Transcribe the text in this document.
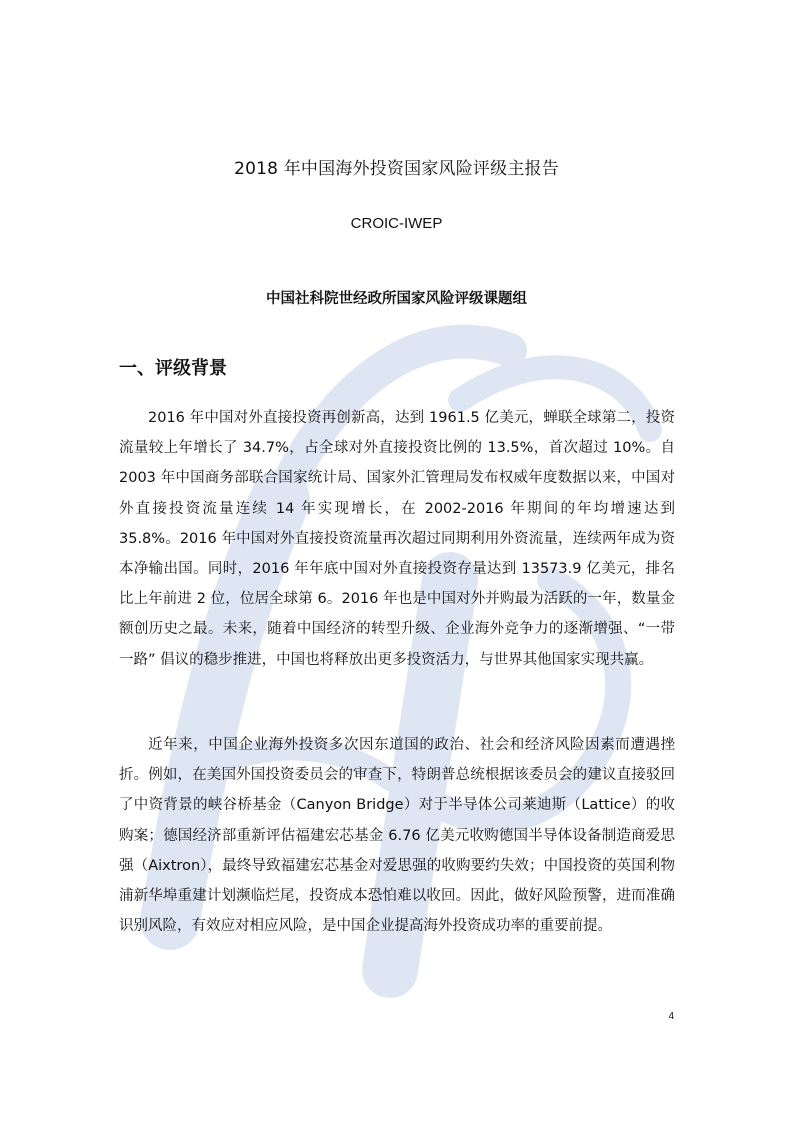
2018 年中国海外投资国家风险评级主报告

CROIC-IWEP

中国社科院世经政所国家风险评级课题组

一、评级背景

2016 年中国对外直接投资再创新高，达到 1961.5 亿美元，蝉联全球第二，投资流量较上年增长了 34.7%，占全球对外直接投资比例的 13.5%，首次超过 10%。自 2003 年中国商务部联合国家统计局、国家外汇管理局发布权威年度数据以来，中国对外直接投资流量连续 14 年实现增长，在 2002-2016 年期间的年均增速达到 35.8%。2016 年中国对外直接投资流量再次超过同期利用外资流量，连续两年成为资本净输出国。同时，2016 年年底中国对外直接投资存量达到 13573.9 亿美元，排名比上年前进 2 位，位居全球第 6。2016 年也是中国对外并购最为活跃的一年，数量金额创历史之最。未来，随着中国经济的转型升级、企业海外竞争力的逐渐增强、“一带一路” 倡议的稳步推进，中国也将释放出更多投资活力，与世界其他国家实现共赢。

近年来，中国企业海外投资多次因东道国的政治、社会和经济风险因素而遭遇挫折。例如，在美国外国投资委员会的审查下，特朗普总统根据该委员会的建议直接驳回了中资背景的峡谷桥基金（Canyon Bridge）对于半导体公司莱迪斯（Lattice）的收购案；德国经济部重新评估福建宏芯基金 6.76 亿美元收购德国半导体设备制造商爱思强（Aixtron），最终导致福建宏芯基金对爱思强的收购要约失效；中国投资的英国利物浦新华埠重建计划濒临烂尾，投资成本恐怕难以收回。因此，做好风险预警，进而准确识别风险，有效应对相应风险，是中国企业提高海外投资成功率的重要前提。

4
